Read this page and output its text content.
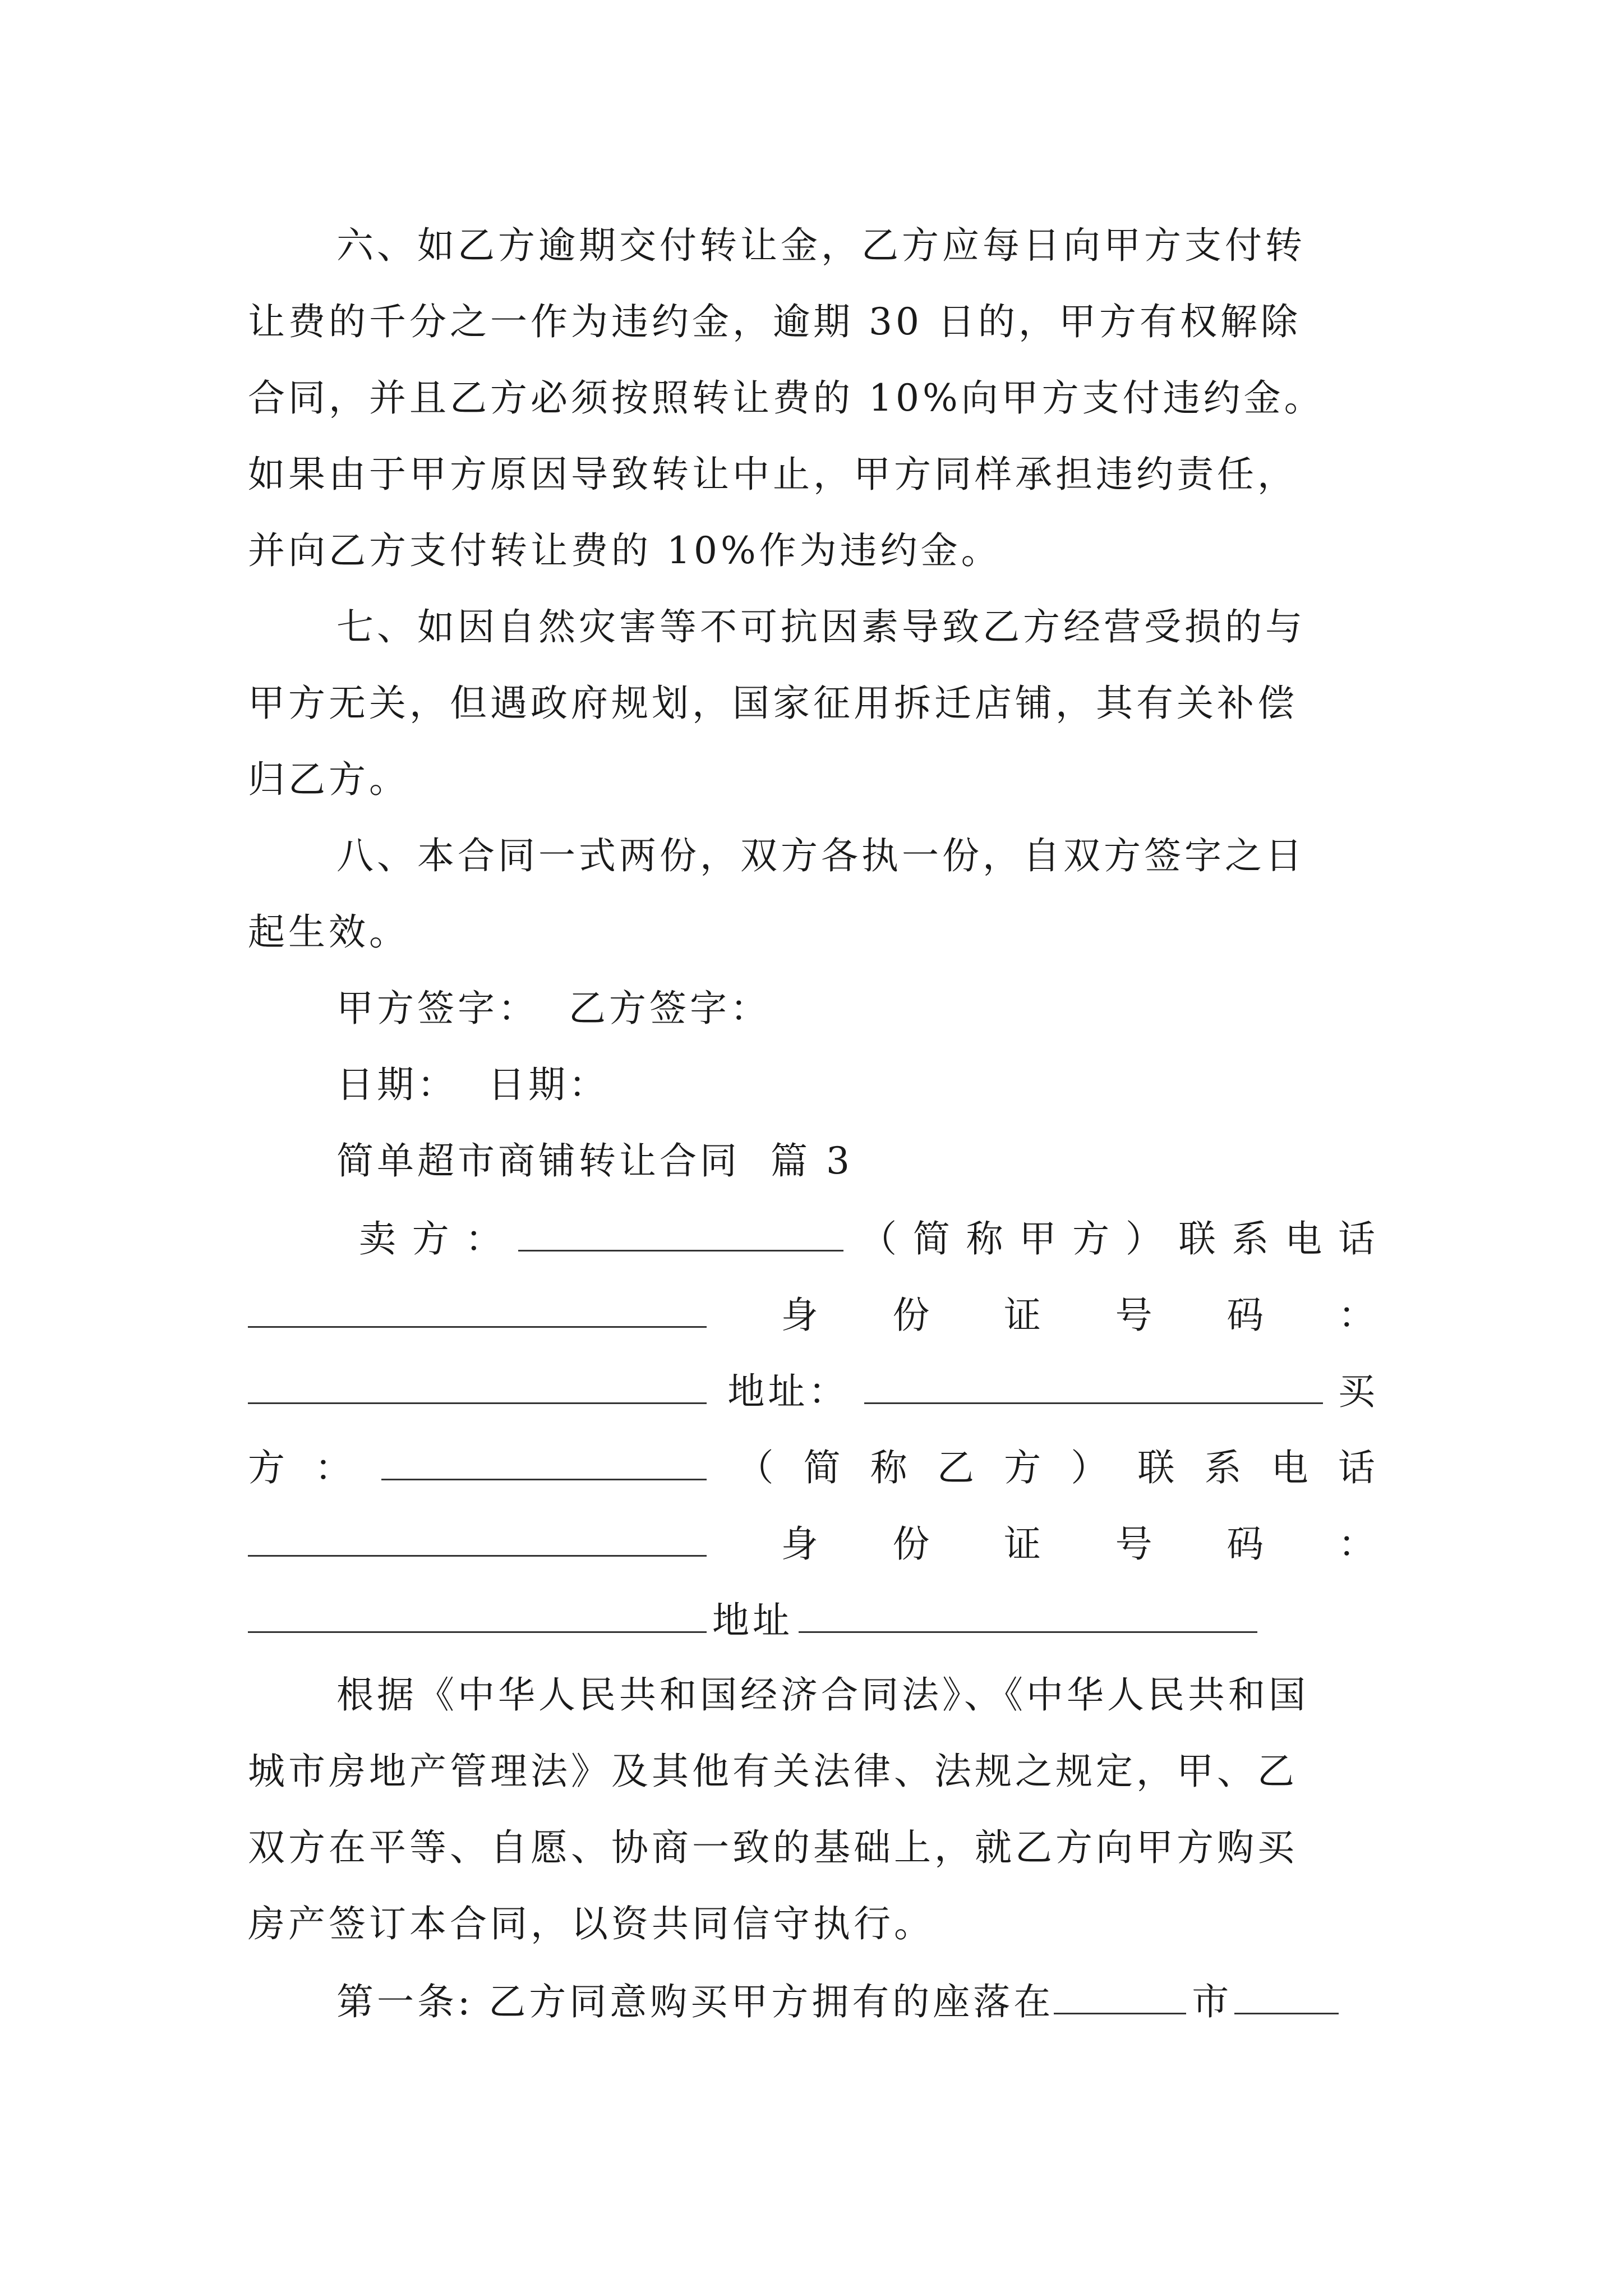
六、如乙方逾期交付转让金，乙方应每日向甲方支付转
让费的千分之一作为违约金，逾期 30 日的，甲方有权解除
合同，并且乙方必须按照转让费的 10%向甲方支付违约金。
如果由于甲方原因导致转让中止，甲方同样承担违约责任，
并向乙方支付转让费的 10%作为违约金。
七、如因自然灾害等不可抗因素导致乙方经营受损的与
甲方无关，但遇政府规划，国家征用拆迁店铺，其有关补偿
归乙方。
八、本合同一式两份，双方各执一份，自双方签字之日
起生效。
甲方签字：  乙方签字：
日期：  日期：
简单超市商铺转让合同  篇 3
卖 方 ：	（ 简 称 甲 方 ） 联 系 电 话
身 份 证 号 码 ：
地址：	买
方 ：	（ 简 称 乙 方 ） 联 系 电 话
身 份 证 号 码 ：
地址
根据《中华人民共和国经济合同法》、《中华人民共和国
城市房地产管理法》及其他有关法律、法规之规定，甲、乙
双方在平等、自愿、协商一致的基础上，就乙方向甲方购买
房产签订本合同，以资共同信守执行。
第一条: 乙方同意购买甲方拥有的座落在	市
